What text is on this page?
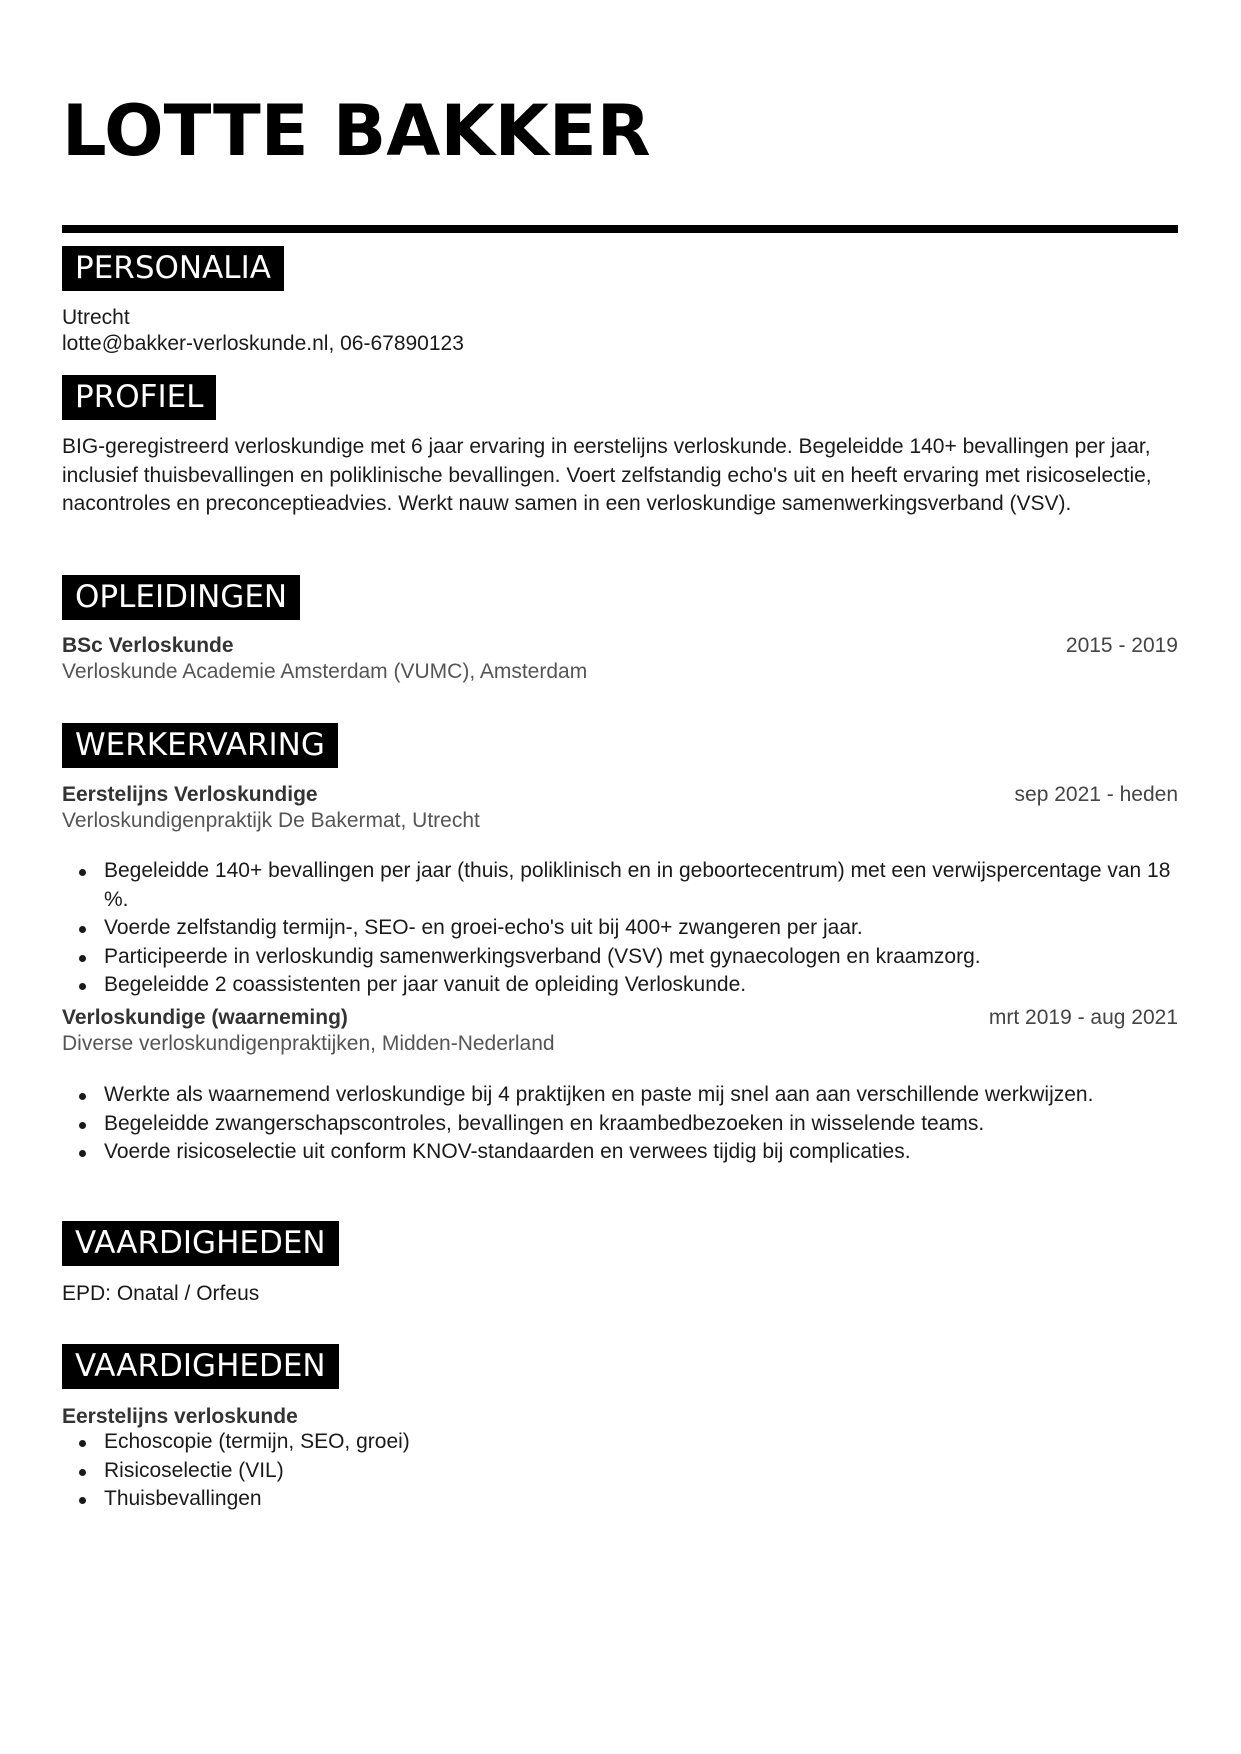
LOTTE BAKKER
PERSONALIA
Utrecht
lotte@bakker-verloskunde.nl, 06-67890123
PROFIEL
BIG-geregistreerd verloskundige met 6 jaar ervaring in eerstelijns verloskunde. Begeleidde 140+ bevallingen per jaar, inclusief thuisbevallingen en poliklinische bevallingen. Voert zelfstandig echo's uit en heeft ervaring met risicoselectie, nacontroles en preconceptieadvies. Werkt nauw samen in een verloskundige samenwerkingsverband (VSV).
OPLEIDINGEN
BSc Verloskunde	2015 - 2019
Verloskunde Academie Amsterdam (VUMC), Amsterdam
WERKERVARING
Eerstelijns Verloskundige	sep 2021 - heden
Verloskundigenpraktijk De Bakermat, Utrecht
Begeleidde 140+ bevallingen per jaar (thuis, poliklinisch en in geboortecentrum) met een verwijspercentage van 18 %.
Voerde zelfstandig termijn-, SEO- en groei-echo's uit bij 400+ zwangeren per jaar.
Participeerde in verloskundig samenwerkingsverband (VSV) met gynaecologen en kraamzorg.
Begeleidde 2 coassistenten per jaar vanuit de opleiding Verloskunde.
Verloskundige (waarneming)	mrt 2019 - aug 2021
Diverse verloskundigenpraktijken, Midden-Nederland
Werkte als waarnemend verloskundige bij 4 praktijken en paste mij snel aan aan verschillende werkwijzen.
Begeleidde zwangerschapscontroles, bevallingen en kraambedbezoeken in wisselende teams.
Voerde risicoselectie uit conform KNOV-standaarden en verwees tijdig bij complicaties.
VAARDIGHEDEN
EPD: Onatal / Orfeus
VAARDIGHEDEN
Eerstelijns verloskunde
Echoscopie (termijn, SEO, groei)
Risicoselectie (VIL)
Thuisbevallingen
